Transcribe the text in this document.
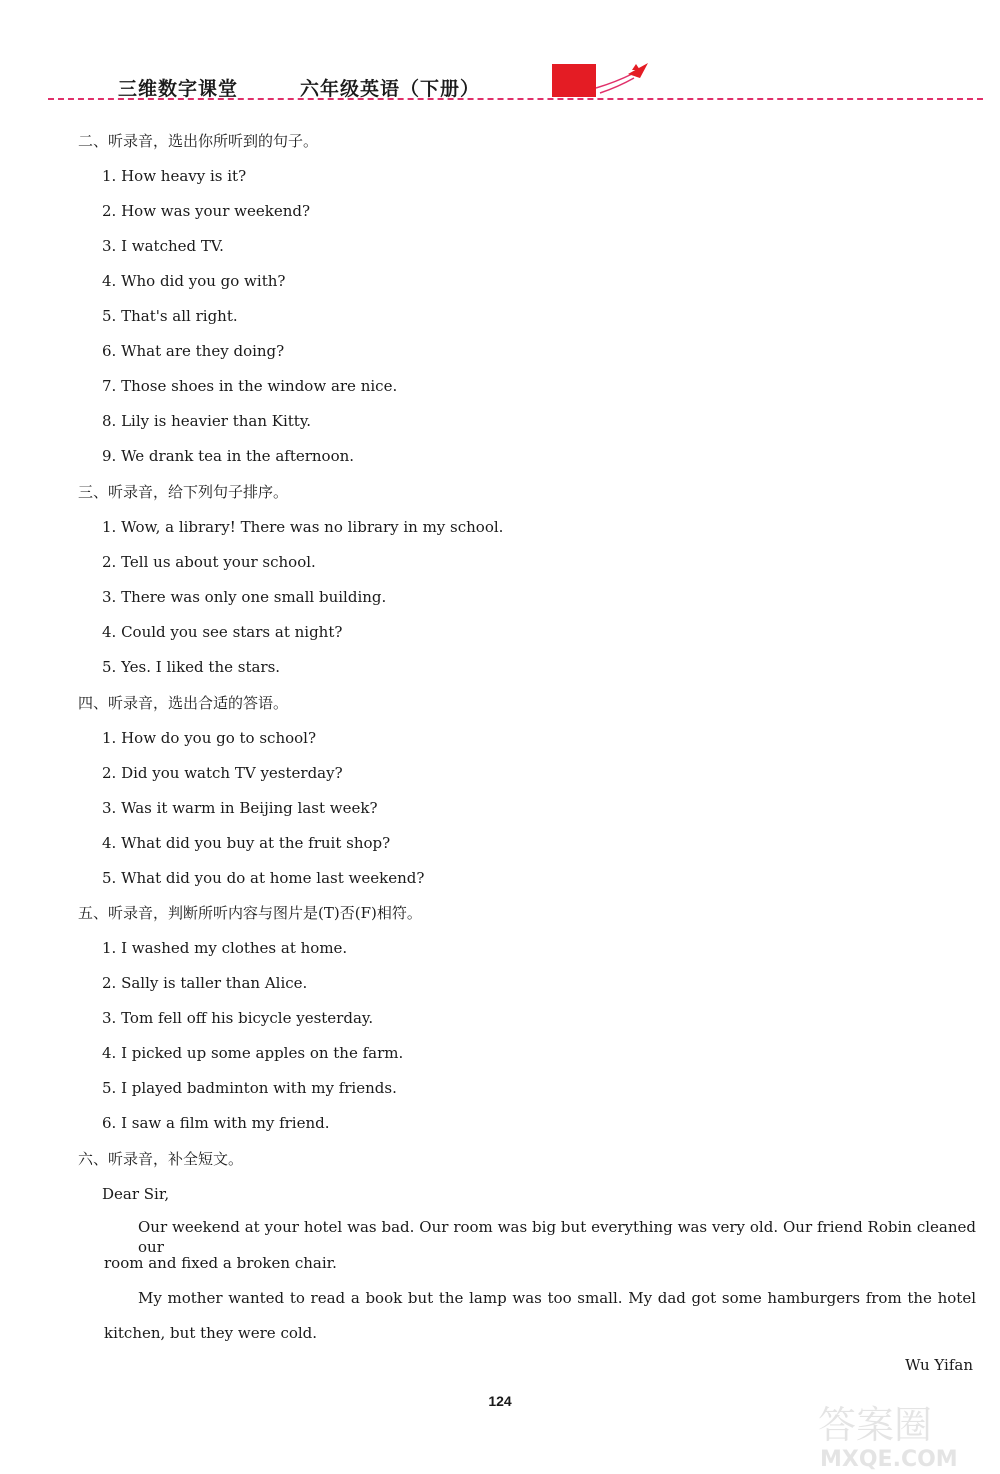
三维数字课堂	六年级英语（下册）
二、听录音，选出你所听到的句子。
1. How heavy is it?
2. How was your weekend?
3. I watched TV.
4. Who did you go with?
5. That's all right.
6. What are they doing?
7. Those shoes in the window are nice.
8. Lily is heavier than Kitty.
9. We drank tea in the afternoon.
三、听录音，给下列句子排序。
1. Wow, a library! There was no library in my school.
2. Tell us about your school.
3. There was only one small building.
4. Could you see stars at night?
5. Yes. I liked the stars.
四、听录音，选出合适的答语。
1. How do you go to school?
2. Did you watch TV yesterday?
3. Was it warm in Beijing last week?
4. What did you buy at the fruit shop?
5. What did you do at home last weekend?
五、听录音，判断所听内容与图片是(T)否(F)相符。
1. I washed my clothes at home.
2. Sally is taller than Alice.
3. Tom fell off his bicycle yesterday.
4. I picked up some apples on the farm.
5. I played badminton with my friends.
6. I saw a film with my friend.
六、听录音，补全短文。
Dear Sir,
Our weekend at your hotel was bad. Our room was big but everything was very old. Our friend Robin cleaned our
room and fixed a broken chair.
My mother wanted to read a book but the lamp was too small. My dad got some hamburgers from the hotel
kitchen, but they were cold.
Wu Yifan
124
答案圈
MXQE.COM
